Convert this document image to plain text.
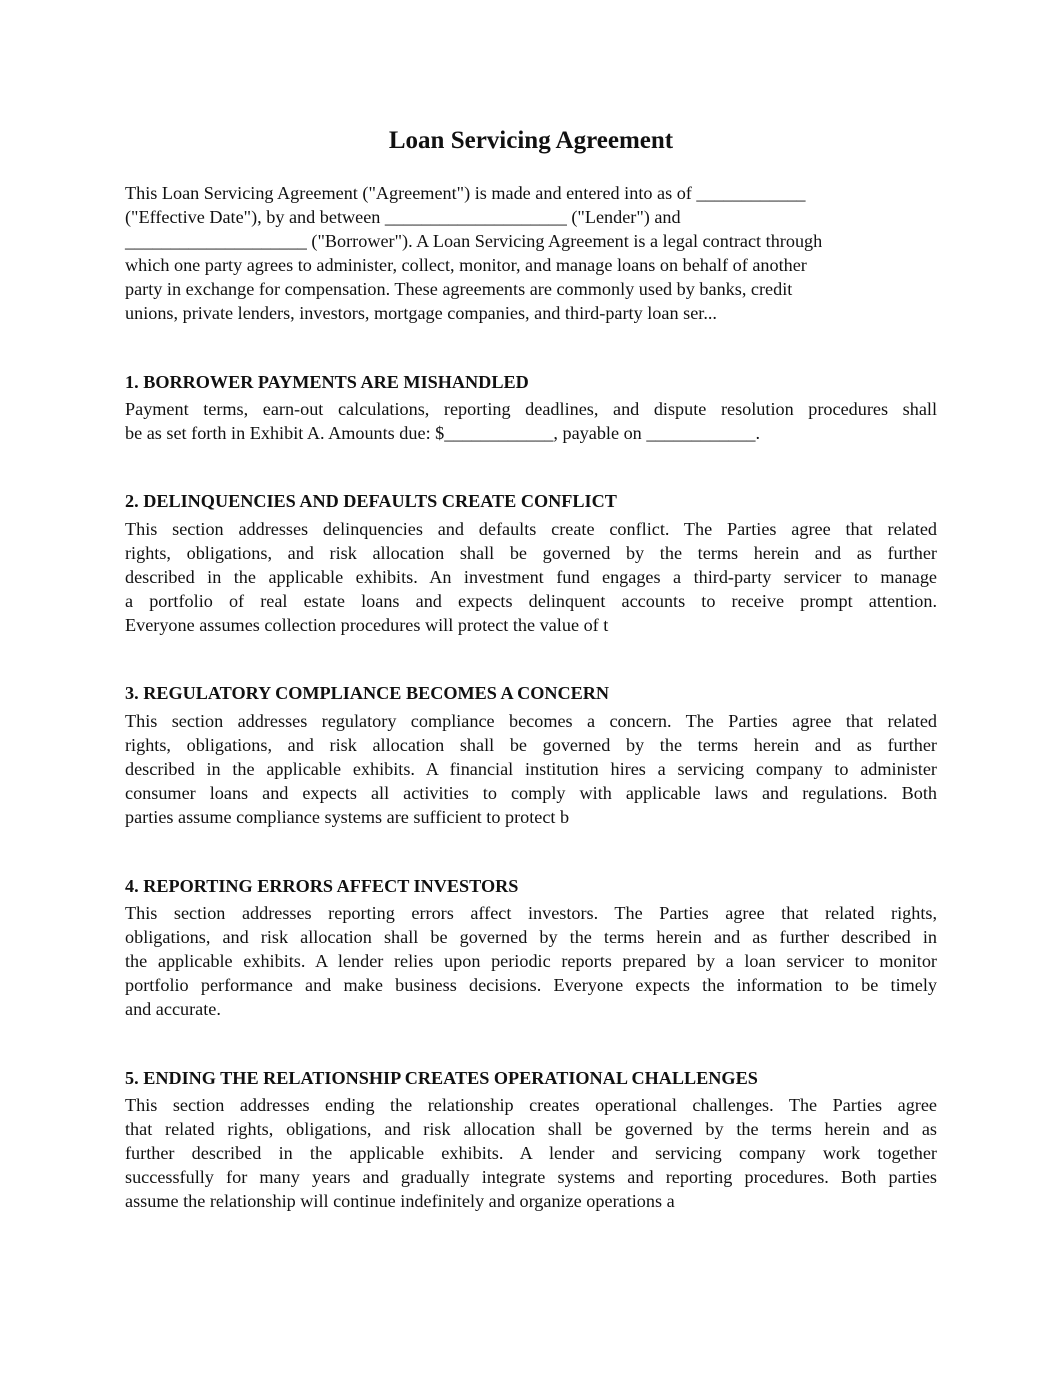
Loan Servicing Agreement
This Loan Servicing Agreement ("Agreement") is made and entered into as of ____________
("Effective Date"), by and between ____________________ ("Lender") and
____________________ ("Borrower"). A Loan Servicing Agreement is a legal contract through
which one party agrees to administer, collect, monitor, and manage loans on behalf of another
party in exchange for compensation. These agreements are commonly used by banks, credit
unions, private lenders, investors, mortgage companies, and third-party loan ser...
1. BORROWER PAYMENTS ARE MISHANDLED
Payment terms, earn-out calculations, reporting deadlines, and dispute resolution procedures shall
be as set forth in Exhibit A. Amounts due: $____________, payable on ____________.
2. DELINQUENCIES AND DEFAULTS CREATE CONFLICT
This section addresses delinquencies and defaults create conflict. The Parties agree that related
rights, obligations, and risk allocation shall be governed by the terms herein and as further
described in the applicable exhibits. An investment fund engages a third-party servicer to manage
a portfolio of real estate loans and expects delinquent accounts to receive prompt attention.
Everyone assumes collection procedures will protect the value of t
3. REGULATORY COMPLIANCE BECOMES A CONCERN
This section addresses regulatory compliance becomes a concern. The Parties agree that related
rights, obligations, and risk allocation shall be governed by the terms herein and as further
described in the applicable exhibits. A financial institution hires a servicing company to administer
consumer loans and expects all activities to comply with applicable laws and regulations. Both
parties assume compliance systems are sufficient to protect b
4. REPORTING ERRORS AFFECT INVESTORS
This section addresses reporting errors affect investors. The Parties agree that related rights,
obligations, and risk allocation shall be governed by the terms herein and as further described in
the applicable exhibits. A lender relies upon periodic reports prepared by a loan servicer to monitor
portfolio performance and make business decisions. Everyone expects the information to be timely
and accurate.
5. ENDING THE RELATIONSHIP CREATES OPERATIONAL CHALLENGES
This section addresses ending the relationship creates operational challenges. The Parties agree
that related rights, obligations, and risk allocation shall be governed by the terms herein and as
further described in the applicable exhibits. A lender and servicing company work together
successfully for many years and gradually integrate systems and reporting procedures. Both parties
assume the relationship will continue indefinitely and organize operations a
